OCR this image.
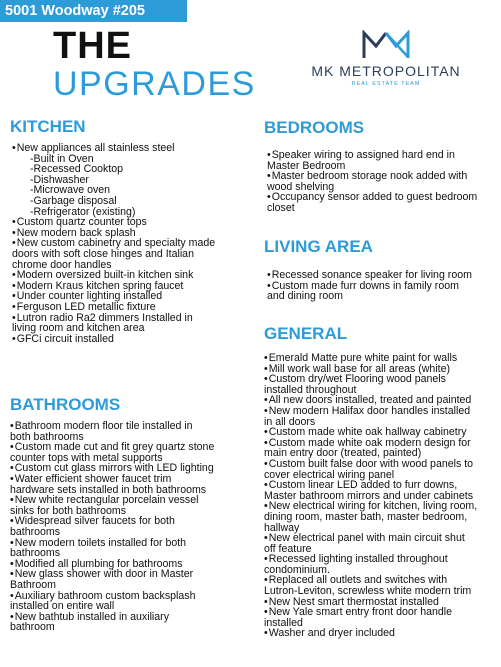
5001 Woodway #205
THE
UPGRADES	MK METROPOLITAN
REAL ESTATE TEAM
KITCHEN
• New appliances all stainless steel
- Built in Oven
- Recessed Cooktop
- Dishwasher
- Microwave oven
- Garbage disposal
- Refrigerator (existing)
• Custom quartz counter tops
• New modern back splash
• New custom cabinetry and specialty made
doors with soft close hinges and Italian
chrome door handles
• Modern oversized built-in kitchen sink
• Modern Kraus kitchen spring faucet
• Under counter lighting installed
• Ferguson LED metallic fixture
• Lutron radio Ra2 dimmers Installed in
living room and kitchen area
• GFCi circuit installed
BATHROOMS
• Bathroom modern floor tile installed in
both bathrooms
• Custom made cut and fit grey quartz stone
counter tops with metal supports
• Custom cut glass mirrors with LED lighting
• Water efficient shower faucet trim
hardware sets installed in both bathrooms
• New white rectangular porcelain vessel
sinks for both bathrooms
• Widespread silver faucets for both
bathrooms
• New modern toilets installed for both
bathrooms
• Modified all plumbing for bathrooms
• New glass shower with door in Master
Bathroom
• Auxiliary bathroom custom backsplash
installed on entire wall
• New bathtub installed in auxiliary
bathroom
BEDROOMS
• Speaker wiring to assigned hard end in
Master Bedroom
• Master bedroom storage nook added with
wood shelving
• Occupancy sensor added to guest bedroom
closet
LIVING AREA
• Recessed sonance speaker for living room
• Custom made furr downs in family room
and dining room
GENERAL
• Emerald Matte pure white paint for walls
• Mill work wall base for all areas (white)
• Custom dry/wet Flooring wood panels
installed throughout
• All new doors installed, treated and painted
• New modern Halifax door handles installed
in all doors
• Custom made white oak hallway cabinetry
• Custom made white oak modern design for
main entry door (treated, painted)
• Custom built false door with wood panels to
cover electrical wiring panel
• Custom linear LED added to furr downs,
Master bathroom mirrors and under cabinets
• New electrical wiring for kitchen, living room,
dining room, master bath, master bedroom,
hallway
• New electrical panel with main circuit shut
off feature
• Recessed lighting installed throughout
condominium.
• Replaced all outlets and switches with
Lutron-Leviton, screwless white modern trim
• New Nest smart thermostat installed
• New Yale smart entry front door handle
installed
• Washer and dryer included
